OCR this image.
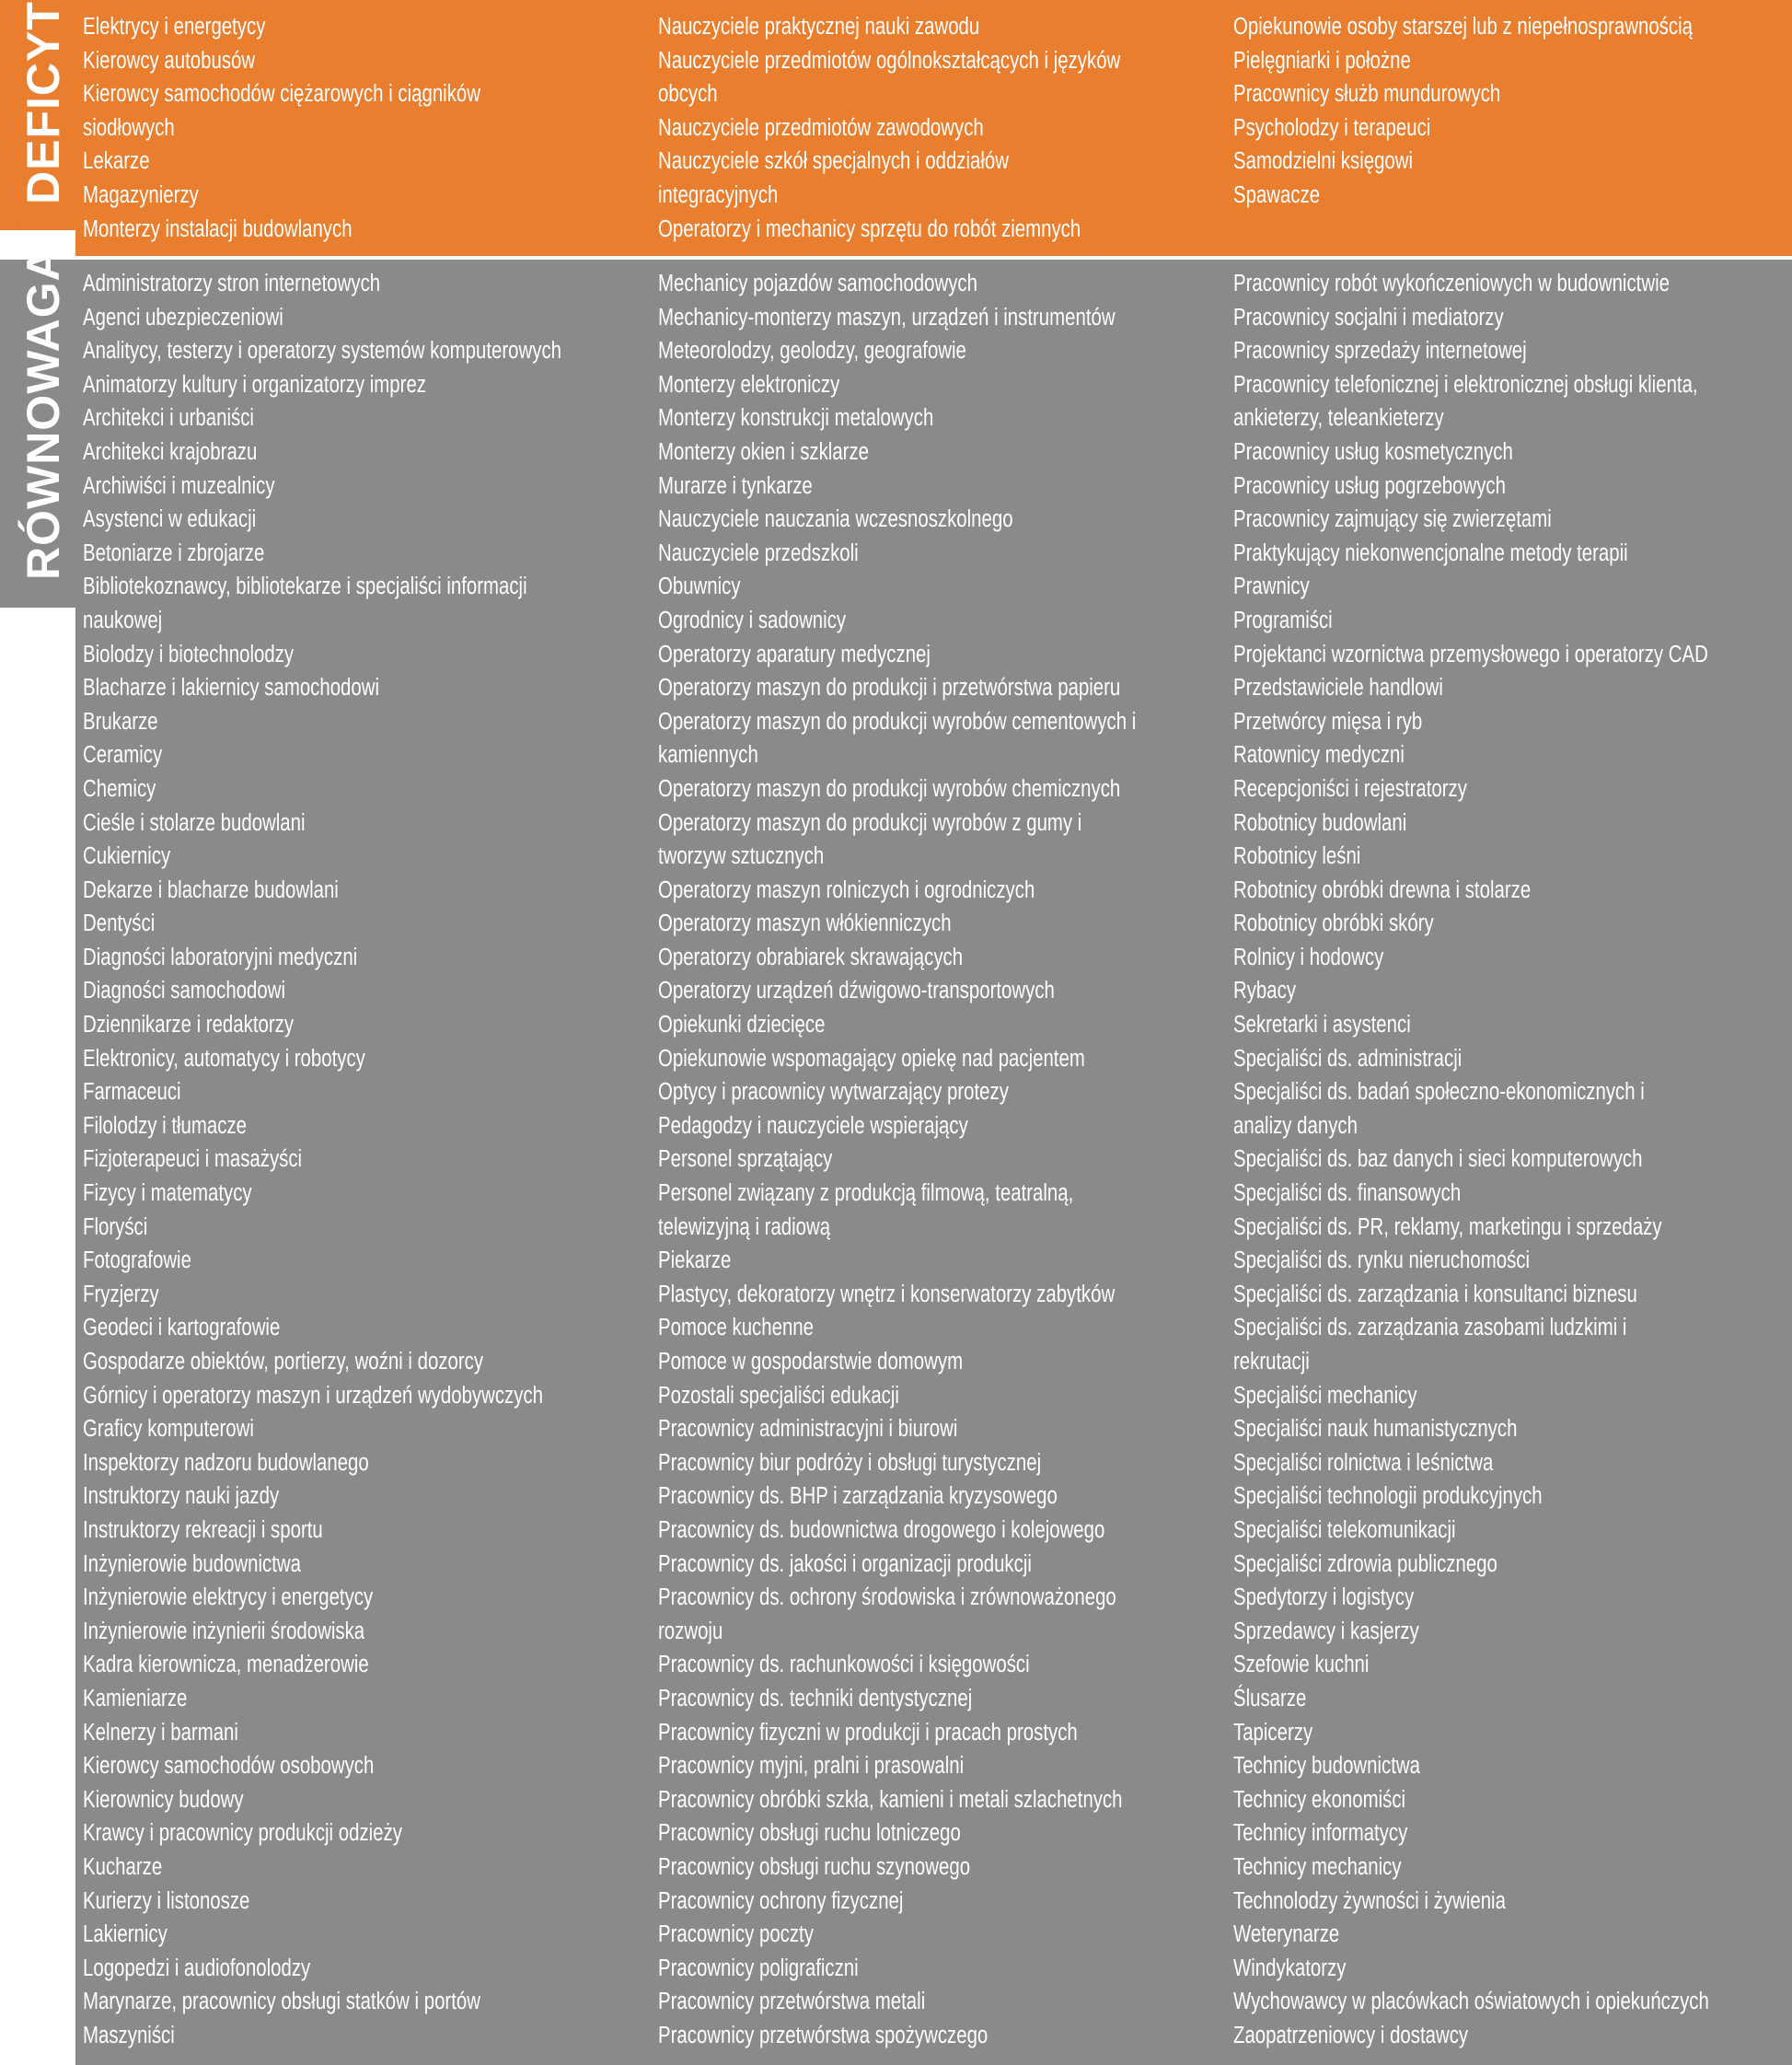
DEFICYT
RÓWNOWAGA
Elektrycy i energetycy
Kierowcy autobusów
Kierowcy samochodów ciężarowych i ciągników
siodłowych
Lekarze
Magazynierzy
Monterzy instalacji budowlanych
Nauczyciele praktycznej nauki zawodu
Nauczyciele przedmiotów ogólnokształcących i języków
obcych
Nauczyciele przedmiotów zawodowych
Nauczyciele szkół specjalnych i oddziałów
integracyjnych
Operatorzy i mechanicy sprzętu do robót ziemnych
Opiekunowie osoby starszej lub z niepełnosprawnością
Pielęgniarki i położne
Pracownicy służb mundurowych
Psycholodzy i terapeuci
Samodzielni księgowi
Spawacze
Administratorzy stron internetowych
Agenci ubezpieczeniowi
Analitycy, testerzy i operatorzy systemów komputerowych
Animatorzy kultury i organizatorzy imprez
Architekci i urbaniści
Architekci krajobrazu
Archiwiści i muzealnicy
Asystenci w edukacji
Betoniarze i zbrojarze
Bibliotekoznawcy, bibliotekarze i specjaliści informacji
naukowej
Biolodzy i biotechnolodzy
Blacharze i lakiernicy samochodowi
Brukarze
Ceramicy
Chemicy
Cieśle i stolarze budowlani
Cukiernicy
Dekarze i blacharze budowlani
Dentyści
Diagności laboratoryjni medyczni
Diagności samochodowi
Dziennikarze i redaktorzy
Elektronicy, automatycy i robotycy
Farmaceuci
Filolodzy i tłumacze
Fizjoterapeuci i masażyści
Fizycy i matematycy
Floryści
Fotografowie
Fryzjerzy
Geodeci i kartografowie
Gospodarze obiektów, portierzy, woźni i dozorcy
Górnicy i operatorzy maszyn i urządzeń wydobywczych
Graficy komputerowi
Inspektorzy nadzoru budowlanego
Instruktorzy nauki jazdy
Instruktorzy rekreacji i sportu
Inżynierowie budownictwa
Inżynierowie elektrycy i energetycy
Inżynierowie inżynierii środowiska
Kadra kierownicza, menadżerowie
Kamieniarze
Kelnerzy i barmani
Kierowcy samochodów osobowych
Kierownicy budowy
Krawcy i pracownicy produkcji odzieży
Kucharze
Kurierzy i listonosze
Lakiernicy
Logopedzi i audiofonolodzy
Marynarze, pracownicy obsługi statków i portów
Maszyniści
Mechanicy pojazdów samochodowych
Mechanicy-monterzy maszyn, urządzeń i instrumentów
Meteorolodzy, geolodzy, geografowie
Monterzy elektroniczy
Monterzy konstrukcji metalowych
Monterzy okien i szklarze
Murarze i tynkarze
Nauczyciele nauczania wczesnoszkolnego
Nauczyciele przedszkoli
Obuwnicy
Ogrodnicy i sadownicy
Operatorzy aparatury medycznej
Operatorzy maszyn do produkcji i przetwórstwa papieru
Operatorzy maszyn do produkcji wyrobów cementowych i
kamiennych
Operatorzy maszyn do produkcji wyrobów chemicznych
Operatorzy maszyn do produkcji wyrobów z gumy i
tworzyw sztucznych
Operatorzy maszyn rolniczych i ogrodniczych
Operatorzy maszyn włókienniczych
Operatorzy obrabiarek skrawających
Operatorzy urządzeń dźwigowo-transportowych
Opiekunki dziecięce
Opiekunowie wspomagający opiekę nad pacjentem
Optycy i pracownicy wytwarzający protezy
Pedagodzy i nauczyciele wspierający
Personel sprzątający
Personel związany z produkcją filmową, teatralną,
telewizyjną i radiową
Piekarze
Plastycy, dekoratorzy wnętrz i konserwatorzy zabytków
Pomoce kuchenne
Pomoce w gospodarstwie domowym
Pozostali specjaliści edukacji
Pracownicy administracyjni i biurowi
Pracownicy biur podróży i obsługi turystycznej
Pracownicy ds. BHP i zarządzania kryzysowego
Pracownicy ds. budownictwa drogowego i kolejowego
Pracownicy ds. jakości i organizacji produkcji
Pracownicy ds. ochrony środowiska i zrównoważonego
rozwoju
Pracownicy ds. rachunkowości i księgowości
Pracownicy ds. techniki dentystycznej
Pracownicy fizyczni w produkcji i pracach prostych
Pracownicy myjni, pralni i prasowalni
Pracownicy obróbki szkła, kamieni i metali szlachetnych
Pracownicy obsługi ruchu lotniczego
Pracownicy obsługi ruchu szynowego
Pracownicy ochrony fizycznej
Pracownicy poczty
Pracownicy poligraficzni
Pracownicy przetwórstwa metali
Pracownicy przetwórstwa spożywczego
Pracownicy robót wykończeniowych w budownictwie
Pracownicy socjalni i mediatorzy
Pracownicy sprzedaży internetowej
Pracownicy telefonicznej i elektronicznej obsługi klienta,
ankieterzy, teleankieterzy
Pracownicy usług kosmetycznych
Pracownicy usług pogrzebowych
Pracownicy zajmujący się zwierzętami
Praktykujący niekonwencjonalne metody terapii
Prawnicy
Programiści
Projektanci wzornictwa przemysłowego i operatorzy CAD
Przedstawiciele handlowi
Przetwórcy mięsa i ryb
Ratownicy medyczni
Recepcjoniści i rejestratorzy
Robotnicy budowlani
Robotnicy leśni
Robotnicy obróbki drewna i stolarze
Robotnicy obróbki skóry
Rolnicy i hodowcy
Rybacy
Sekretarki i asystenci
Specjaliści ds. administracji
Specjaliści ds. badań społeczno-ekonomicznych i
analizy danych
Specjaliści ds. baz danych i sieci komputerowych
Specjaliści ds. finansowych
Specjaliści ds. PR, reklamy, marketingu i sprzedaży
Specjaliści ds. rynku nieruchomości
Specjaliści ds. zarządzania i konsultanci biznesu
Specjaliści ds. zarządzania zasobami ludzkimi i
rekrutacji
Specjaliści mechanicy
Specjaliści nauk humanistycznych
Specjaliści rolnictwa i leśnictwa
Specjaliści technologii produkcyjnych
Specjaliści telekomunikacji
Specjaliści zdrowia publicznego
Spedytorzy i logistycy
Sprzedawcy i kasjerzy
Szefowie kuchni
Ślusarze
Tapicerzy
Technicy budownictwa
Technicy ekonomiści
Technicy informatycy
Technicy mechanicy
Technolodzy żywności i żywienia
Weterynarze
Windykatorzy
Wychowawcy w placówkach oświatowych i opiekuńczych
Zaopatrzeniowcy i dostawcy
